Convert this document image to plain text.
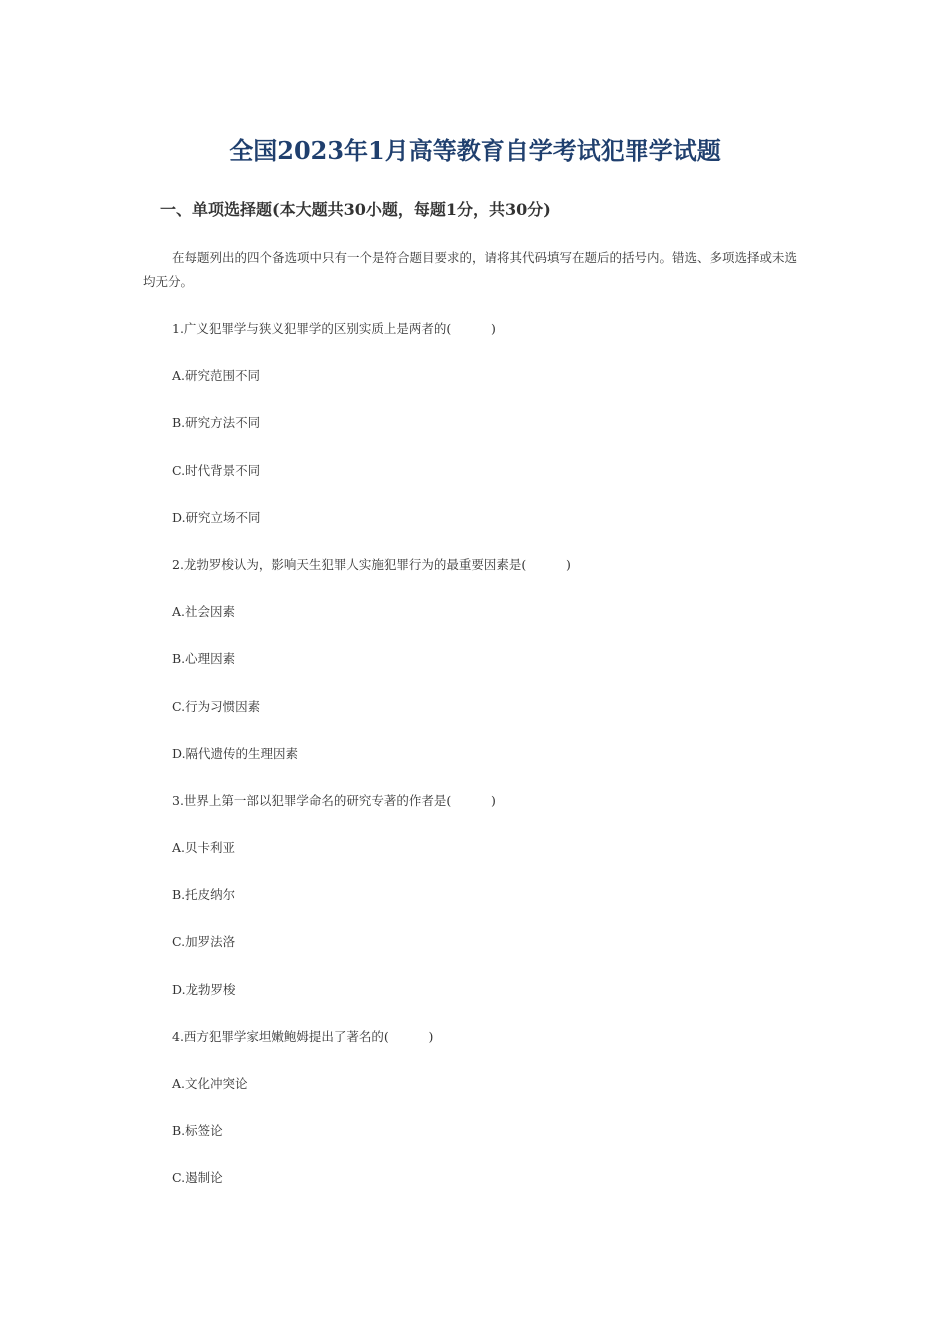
全国2023年1月高等教育自学考试犯罪学试题
一、单项选择题(本大题共30小题，每题1分，共30分)

在每题列出的四个备选项中只有一个是符合题目要求的，请将其代码填写在题后的括号内。错选、多项选择或未选均无分。

1.广义犯罪学与狭义犯罪学的区别实质上是两者的(          )
A.研究范围不同
B.研究方法不同
C.时代背景不同
D.研究立场不同
2.龙勃罗梭认为，影响天生犯罪人实施犯罪行为的最重要因素是(          )
A.社会因素
B.心理因素
C.行为习惯因素
D.隔代遗传的生理因素
3.世界上第一部以犯罪学命名的研究专著的作者是(          )
A.贝卡利亚
B.托皮纳尔
C.加罗法洛
D.龙勃罗梭
4.西方犯罪学家坦嫩鲍姆提出了著名的(          )
A.文化冲突论
B.标签论
C.遏制论
